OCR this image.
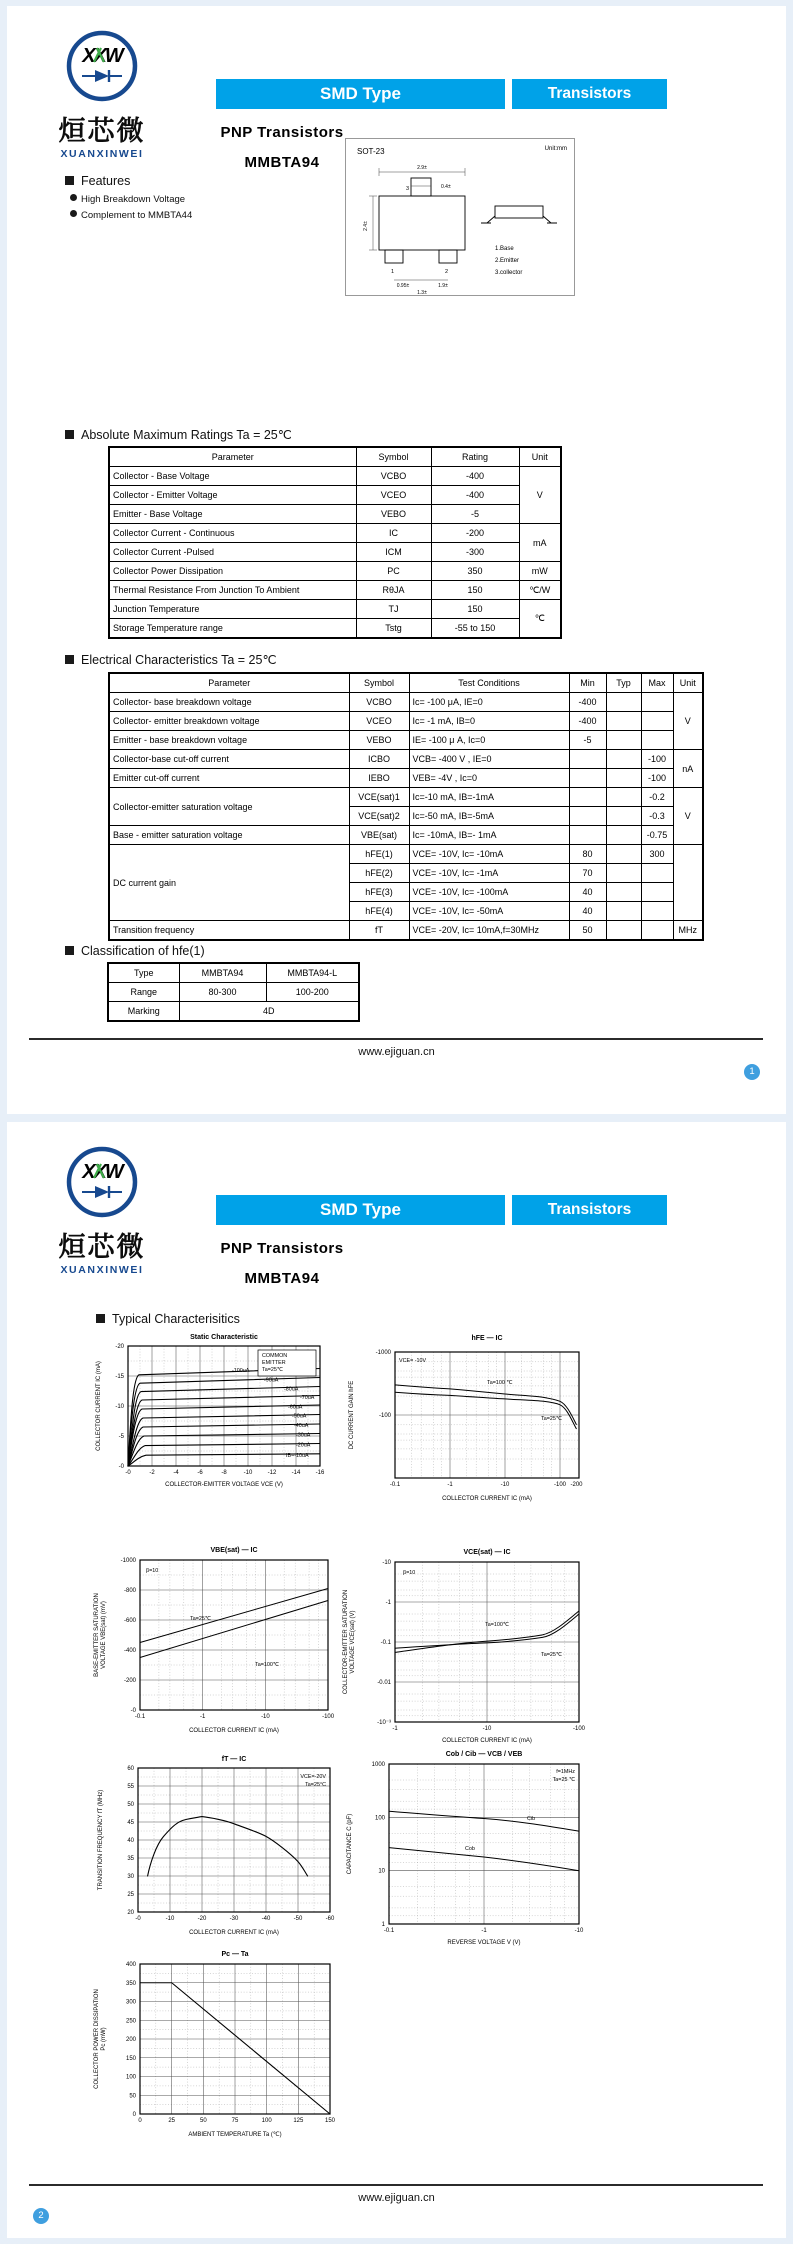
XXW
烜芯微
XUANXINWEI
SMD Type	Transistors
PNP Transistors
MMBTA94
SOT-23	Unit:mm
3
1	2
2.9±
0.4±
2.4±
0.95±	1.9±
1.3±
1.Base
2.Emitter
3.collector
Features
High Breakdown Voltage
Complement to MMBTA44
Absolute Maximum Ratings Ta = 25℃
Parameter	Symbol	Rating	Unit
Collector - Base Voltage	VCBO	-400	V
Collector - Emitter Voltage	VCEO	-400	
Emitter - Base Voltage	VEBO	-5	
Collector Current - Continuous	IC	-200	mA
Collector Current -Pulsed	ICM	-300	
Collector Power Dissipation	PC	350	mW
Thermal Resistance From Junction To Ambient	RθJA	150	℃/W
Junction Temperature	TJ	150	℃
Storage Temperature range	Tstg	-55 to 150	
Electrical Characteristics Ta = 25℃
Parameter	Symbol	Test Conditions	Min	Typ	Max	Unit
Collector- base breakdown voltage	VCBO	Ic= -100 μA, IE=0	-400			V
Collector- emitter breakdown voltage	VCEO	Ic= -1 mA, IB=0	-400			
Emitter - base breakdown voltage	VEBO	IE= -100 μ A, Ic=0	-5			
Collector-base cut-off current	ICBO	VCB= -400 V , IE=0			-100	nA
Emitter cut-off current	IEBO	VEB= -4V , Ic=0			-100	
Collector-emitter saturation voltage	VCE(sat)1	Ic=-10 mA, IB=-1mA			-0.2	V
	VCE(sat)2	Ic=-50 mA, IB=-5mA			-0.3	
Base - emitter saturation voltage	VBE(sat)	Ic= -10mA, IB=- 1mA			-0.75	
DC current gain	hFE(1)	VCE= -10V, Ic= -10mA	80		300	
	hFE(2)	VCE= -10V, Ic= -1mA	70			
	hFE(3)	VCE= -10V, Ic= -100mA	40			
	hFE(4)	VCE= -10V, Ic= -50mA	40			
Transition frequency	fT	VCE= -20V, Ic= 10mA,f=30MHz	50			MHz
Classification of hfe(1)
Type	MMBTA94	MMBTA94-L
Range	80-300	100-200
Marking	4D	
www.ejiguan.cn
1
XXW
烜芯微
XUANXINWEI
SMD Type	Transistors
PNP Transistors
MMBTA94
Typical Characterisitics
Static Characteristic
-100uA
-90uA
-80uA
-70uA
-60uA
-50uA
-40uA
-30uA
-20uA
IB=-10uA
COMMON
EMITTER
Ta=25℃
-0	-2	-4	-6	-8	-10	-12	-14	-16
-20
-15
-10
-5
-0
COLLECTOR-EMITTER VOLTAGE VCE (V)
COLLECTOR CURRENT IC (mA)
hFE — IC
VCE= -10V
Ta=100 ℃
Ta=25℃
-0.1	-1	-10	-100 -200
-1000
-100
COLLECTOR CURRENT IC (mA)
DC CURRENT GAIN hFE
VBE(sat) — IC
β=10
Ta=25℃
Ta=100℃
-0.1	-1	-10	-100
-1000
-800
-600
-400
-200
-0
COLLECTOR CURRENT IC (mA)
BASE-EMITTER SATURATION VOLTAGE VBE(sat) (mV)
VCE(sat) — IC
β=10
Ta=100℃
Ta=25℃
-1	-10	-100
-10
-1
-0.1
-0.01
-10⁻³
COLLECTOR CURRENT IC (mA)
COLLECTOR-EMITTER SATURATION VOLTAGE VCE(sat) (V)
fT — IC
VCE=-20V
Ta=25°C
-0	-10	-20	-30	-40	-50	-60
60
55
50
45
40
35
30
25
20
COLLECTOR CURRENT IC (mA)
TRANSITION FREQUENCY fT (MHz)
Cob / Cib — VCB / VEB
f=1MHz
Ta=25 ℃
Cib
Cob
-0.1	-1	-10
1000
100
10
1
REVERSE VOLTAGE V (V)
CAPACITANCE C (pF)
Pc — Ta
0	25	50	75	100	125	150
400
350
300
250
200
150
100
50
0
AMBIENT TEMPERATURE Ta (℃)
COLLECTOR POWER DISSIPATION Pc (mW)
www.ejiguan.cn
2
